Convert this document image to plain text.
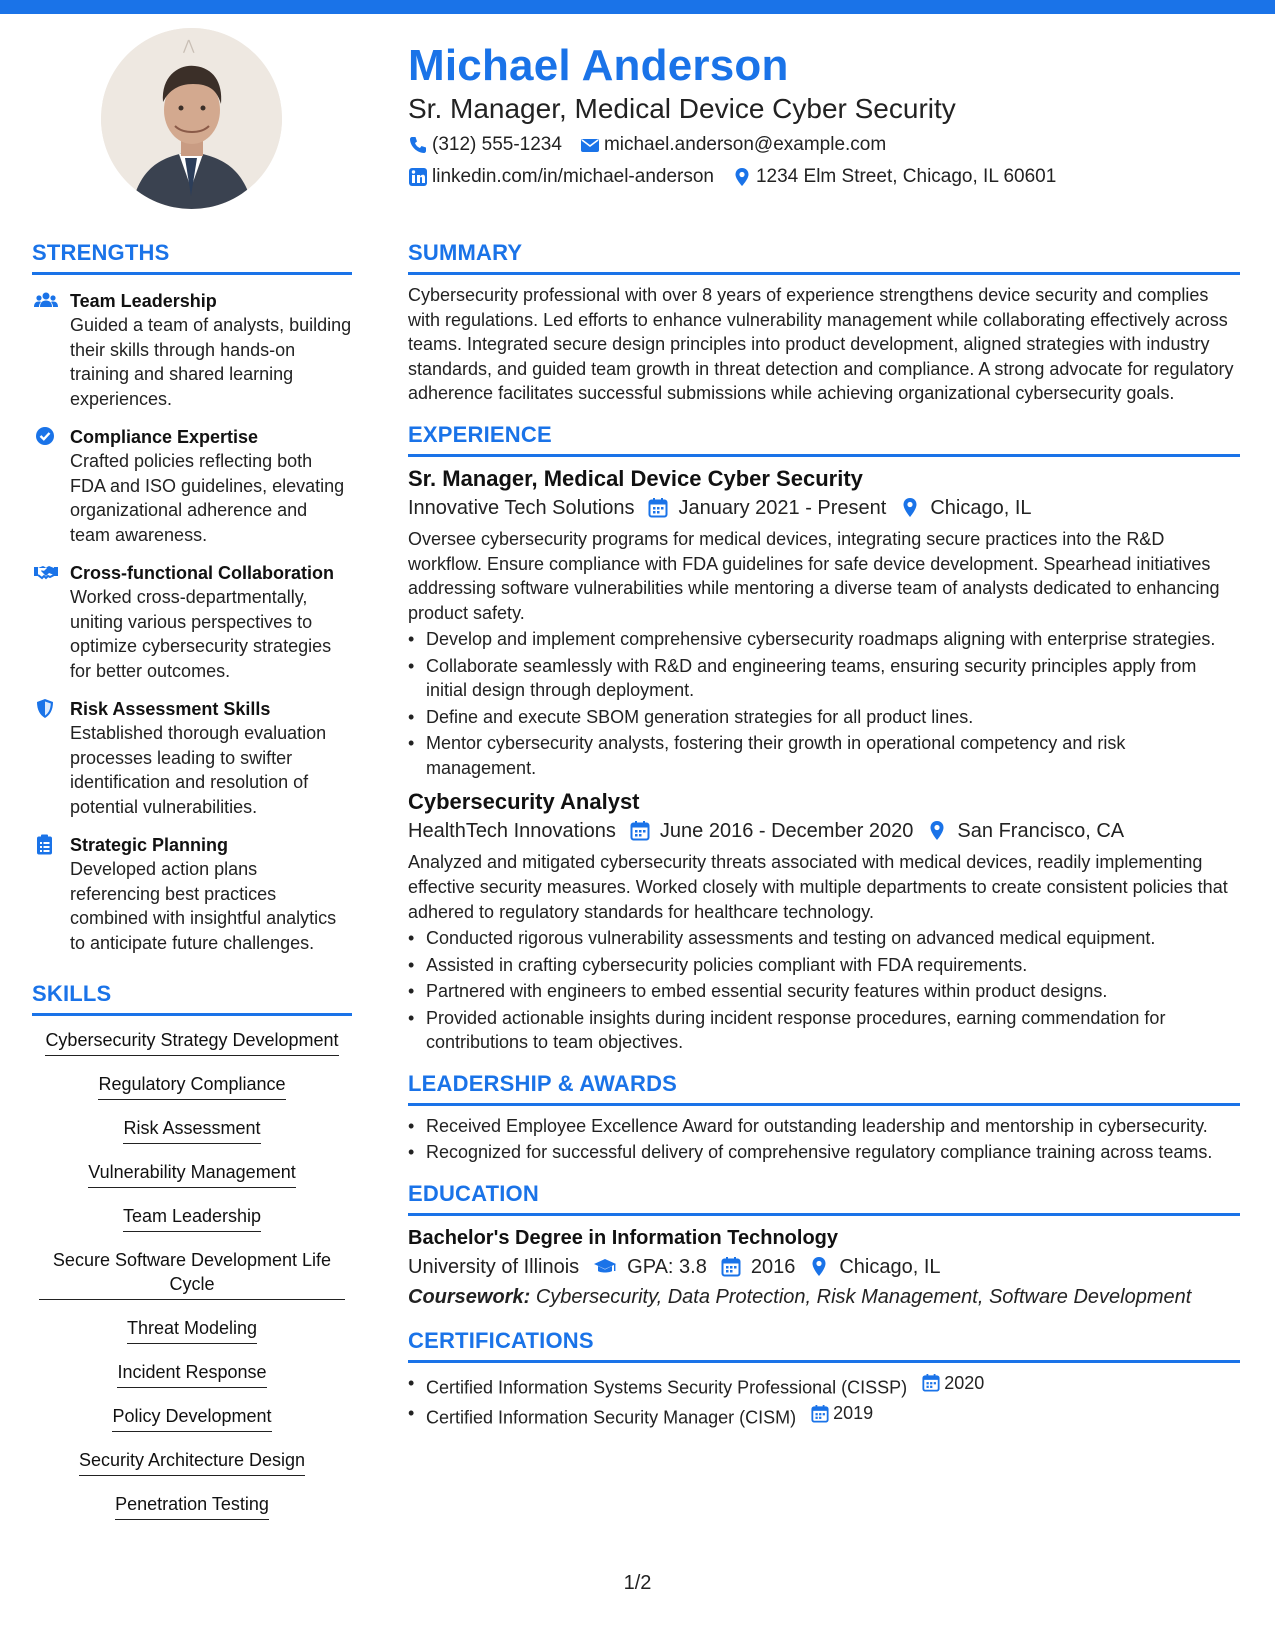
⋀	Michael Anderson
Sr. Manager, Medical Device Cyber Security
(312) 555-1234 michael.anderson@example.com
linkedin.com/in/michael-anderson 1234 Elm Street, Chicago, IL 60601
STRENGTHS
Team Leadership
Guided a team of analysts, building their skills through hands-on training and shared learning experiences.
Compliance Expertise
Crafted policies reflecting both FDA and ISO guidelines, elevating organizational adherence and team awareness.
Cross-functional Collaboration
Worked cross-departmentally, uniting various perspectives to optimize cybersecurity strategies for better outcomes.
Risk Assessment Skills
Established thorough evaluation processes leading to swifter identification and resolution of potential vulnerabilities.
Strategic Planning
Developed action plans referencing best practices combined with insightful analytics to anticipate future challenges.
SKILLS
Cybersecurity Strategy Development
Regulatory Compliance
Risk Assessment
Vulnerability Management
Team Leadership
Secure Software Development Life Cycle
Threat Modeling
Incident Response
Policy Development
Security Architecture Design
Penetration Testing
SUMMARY
Cybersecurity professional with over 8 years of experience strengthens device security and complies with regulations. Led efforts to enhance vulnerability management while collaborating effectively across teams. Integrated secure design principles into product development, aligned strategies with industry standards, and guided team growth in threat detection and compliance. A strong advocate for regulatory adherence facilitates successful submissions while achieving organizational cybersecurity goals.
EXPERIENCE
Sr. Manager, Medical Device Cyber Security
Innovative Tech Solutions January 2021 - Present Chicago, IL
Oversee cybersecurity programs for medical devices, integrating secure practices into the R&D workflow. Ensure compliance with FDA guidelines for safe device development. Spearhead initiatives addressing software vulnerabilities while mentoring a diverse team of analysts dedicated to enhancing product safety.
• Develop and implement comprehensive cybersecurity roadmaps aligning with enterprise strategies.
• Collaborate seamlessly with R&D and engineering teams, ensuring security principles apply from initial design through deployment.
• Define and execute SBOM generation strategies for all product lines.
• Mentor cybersecurity analysts, fostering their growth in operational competency and risk management.
Cybersecurity Analyst
HealthTech Innovations June 2016 - December 2020 San Francisco, CA
Analyzed and mitigated cybersecurity threats associated with medical devices, readily implementing effective security measures. Worked closely with multiple departments to create consistent policies that adhered to regulatory standards for healthcare technology.
• Conducted rigorous vulnerability assessments and testing on advanced medical equipment.
• Assisted in crafting cybersecurity policies compliant with FDA requirements.
• Partnered with engineers to embed essential security features within product designs.
• Provided actionable insights during incident response procedures, earning commendation for contributions to team objectives.
LEADERSHIP & AWARDS
• Received Employee Excellence Award for outstanding leadership and mentorship in cybersecurity.
• Recognized for successful delivery of comprehensive regulatory compliance training across teams.
EDUCATION
Bachelor's Degree in Information Technology
University of Illinois GPA: 3.8 2016 Chicago, IL
Coursework: Cybersecurity, Data Protection, Risk Management, Software Development
CERTIFICATIONS
• Certified Information Systems Security Professional (CISSP) 2020
• Certified Information Security Manager (CISM) 2019
1/2
